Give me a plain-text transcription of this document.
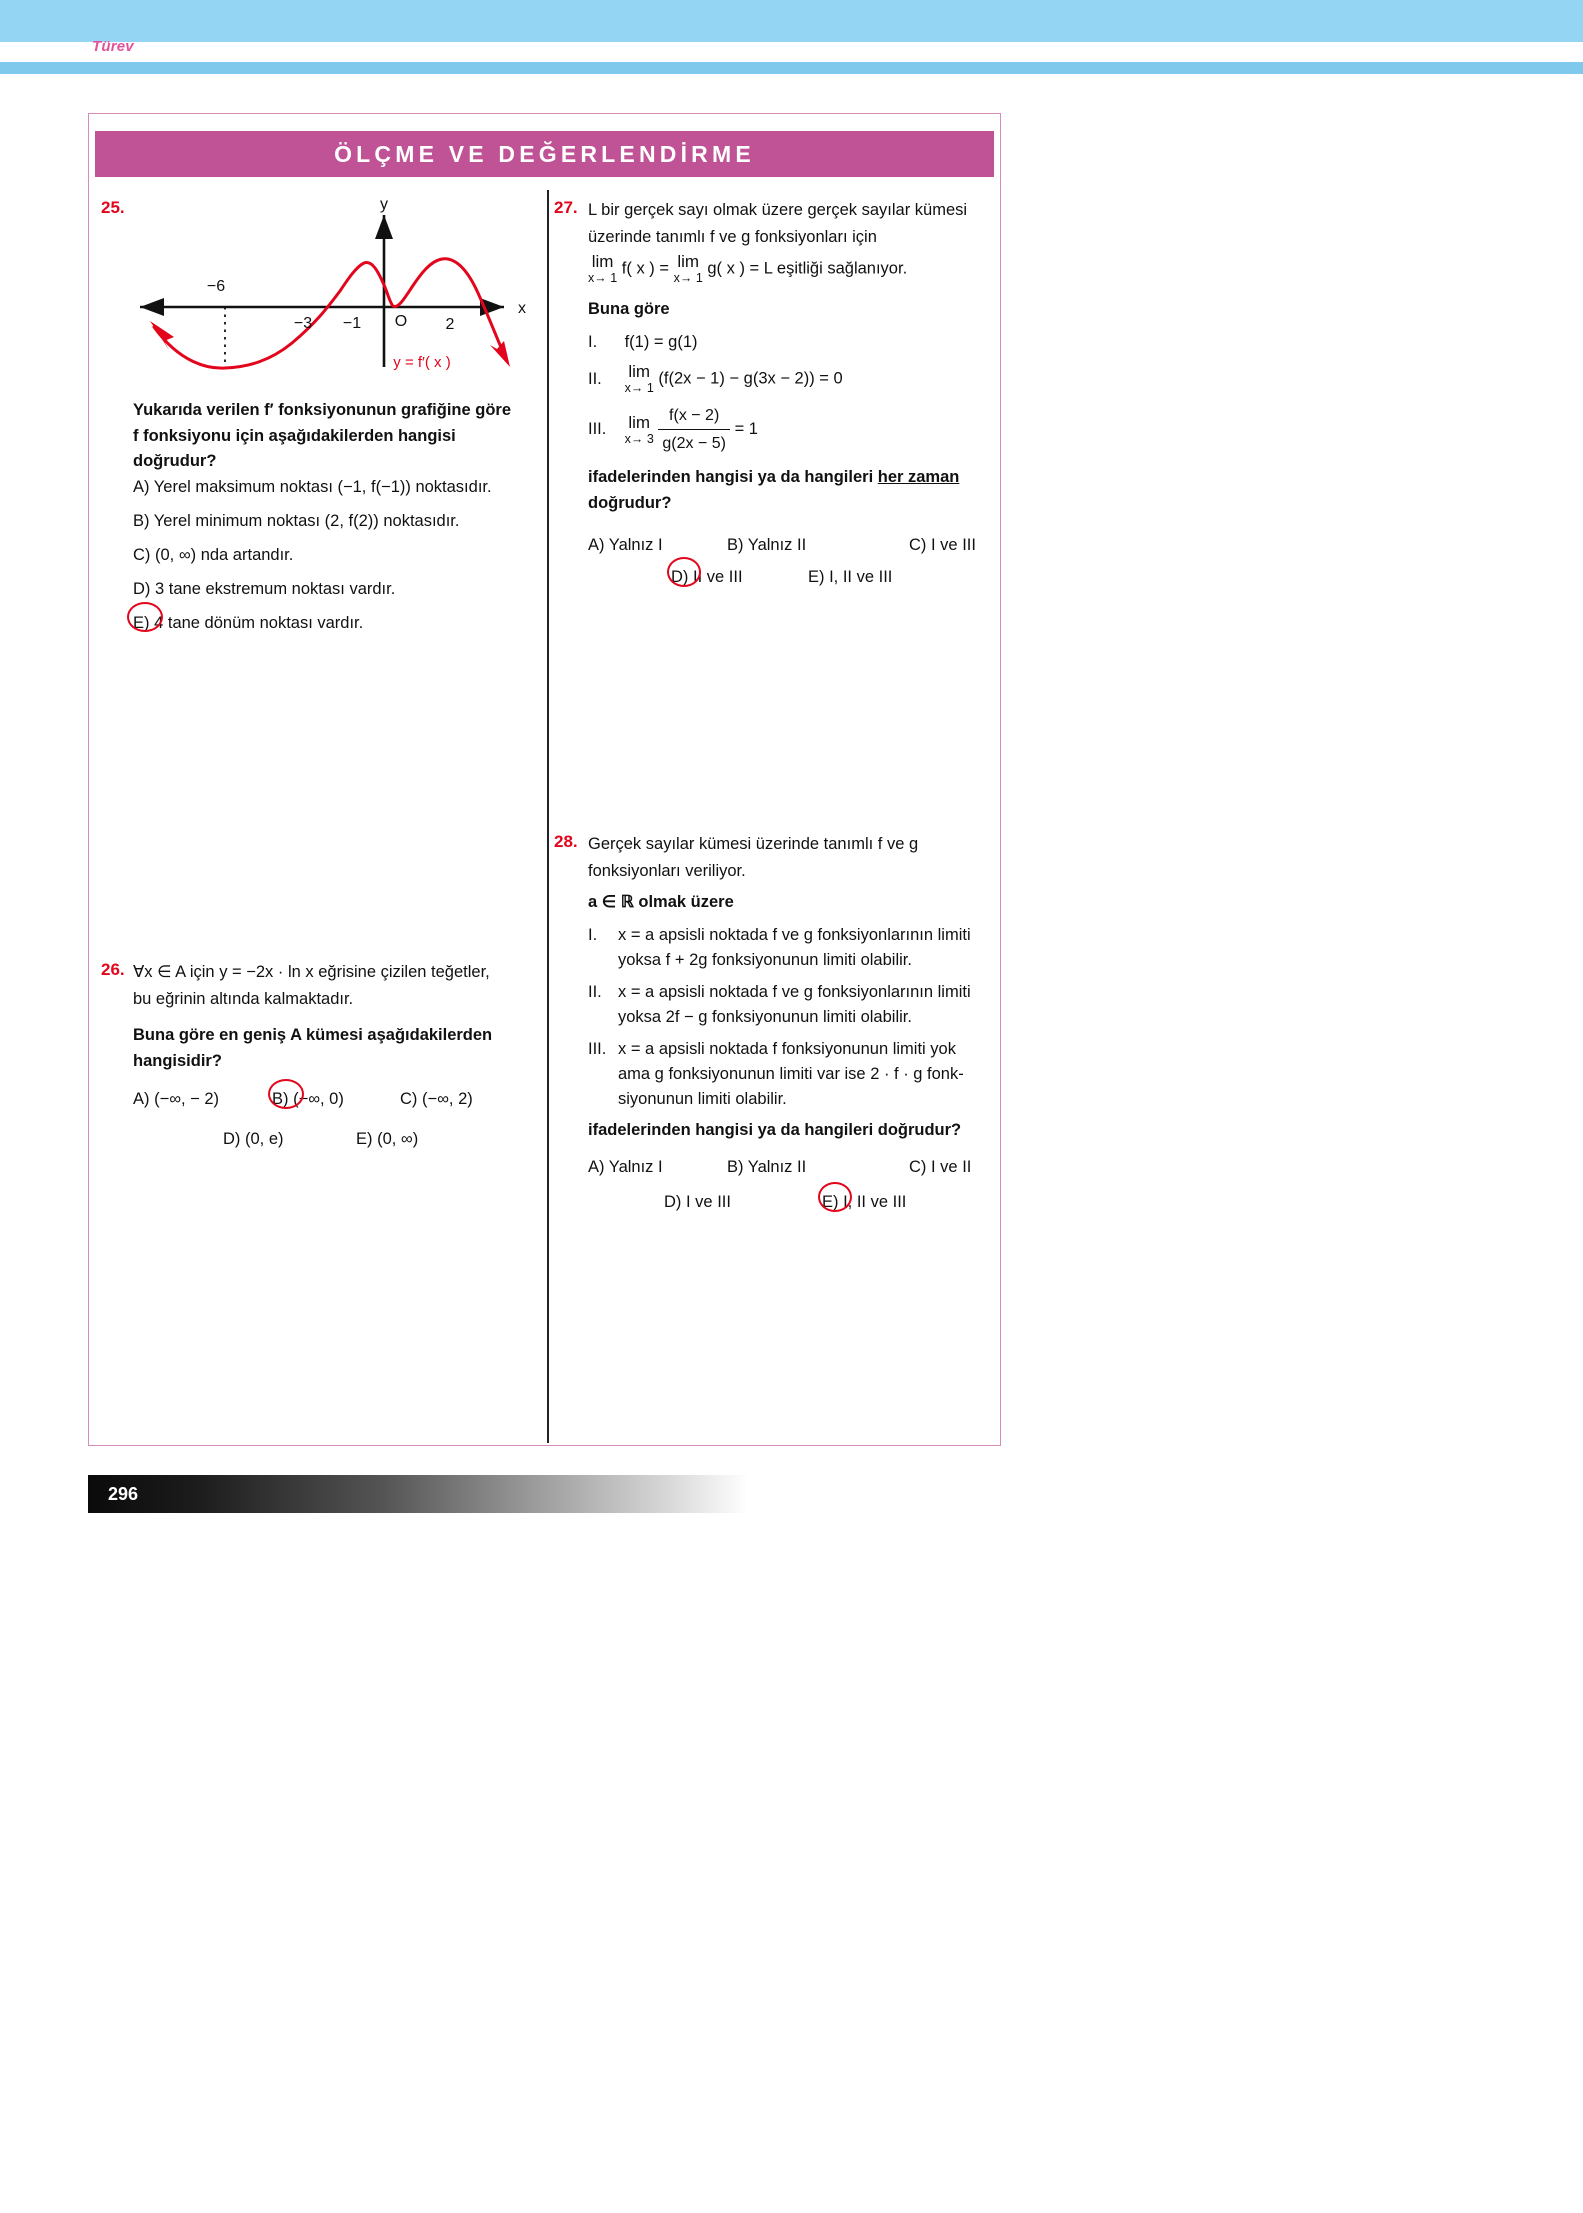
Türev
ÖLÇME VE DEĞERLENDİRME
25.
−6
−3 −1 O 2
y
x
y = f′( x )
Yukarıda verilen f′ fonksiyonunun grafiğine göre
f fonksiyonu için aşağıdakilerden hangisi doğrudur?
A) Yerel maksimum noktası (−1, f(−1)) noktasıdır.
B) Yerel minimum noktası (2, f(2)) noktasıdır.
C) (0, ∞) nda artandır.
D) 3 tane ekstremum noktası vardır.
E) 4 tane dönüm noktası vardır.
26. ∀x ∈ A için y = −2x · ln x eğrisine çizilen teğetler,
bu eğrinin altında kalmaktadır.
Buna göre en geniş A kümesi aşağıdakilerden
hangisidir?
A) (−∞, − 2)	B) (−∞, 0)	C) (−∞, 2)
D) (0, e)	E) (0, ∞)
27. L bir gerçek sayı olmak üzere gerçek sayılar kümesi
üzerinde tanımlı f ve g fonksiyonları için
lim
x→ 1
f( x ) = lim
x→ 1
g( x ) = L eşitliği sağlanıyor.
Buna göre
I. f(1) = g(1)
II. lim
x→ 1
(f(2x − 1) − g(3x − 2)) = 0
III. lim
x→ 3
$\frac{f(x - 2)}{g(2x - 5)} = 1$
ifadelerinden hangisi ya da hangileri her zaman
doğrudur?
A) Yalnız I	B) Yalnız II	C) I ve III
D) II ve III	E) I, II ve III
28. Gerçek sayılar kümesi üzerinde tanımlı f ve g
fonksiyonları veriliyor.
a ∈ ℝ olmak üzere
I. x = a apsisli noktada f ve g fonksiyonlarının limiti
yoksa f + 2g fonksiyonunun limiti olabilir.
II. x = a apsisli noktada f ve g fonksiyonlarının limiti
yoksa 2f − g fonksiyonunun limiti olabilir.
III. x = a apsisli noktada f fonksiyonunun limiti yok
ama g fonksiyonunun limiti var ise 2 · f · g fonk-
siyonunun limiti olabilir.
ifadelerinden hangisi ya da hangileri doğrudur?
A) Yalnız I	B) Yalnız II	C) I ve II
D) I ve III	E) I, II ve III
296
